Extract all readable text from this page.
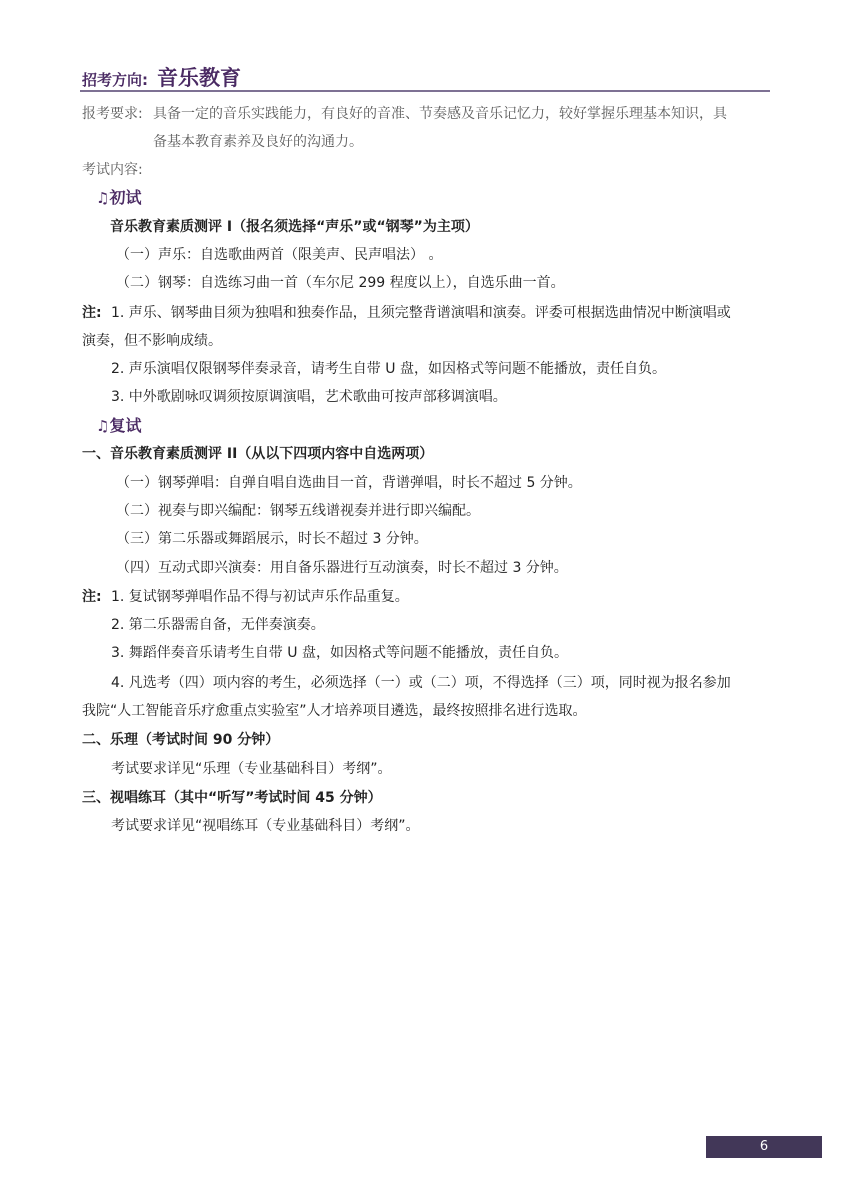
招考方向: 音乐教育
报考要求: 具备一定的音乐实践能力，有良好的音准、节奏感及音乐记忆力，较好掌握乐理基本知识，具
备基本教育素养及良好的沟通力。
考试内容:
♫初试
音乐教育素质测评 I（报名须选择“声乐”或“钢琴”为主项）
（一）声乐：自选歌曲两首（限美声、民声唱法） 。
（二）钢琴：自选练习曲一首（车尔尼 299 程度以上），自选乐曲一首。
注: 1. 声乐、钢琴曲目须为独唱和独奏作品，且须完整背谱演唱和演奏。评委可根据选曲情况中断演唱或
演奏，但不影响成绩。
2. 声乐演唱仅限钢琴伴奏录音，请考生自带 U 盘，如因格式等问题不能播放，责任自负。
3. 中外歌剧咏叹调须按原调演唱，艺术歌曲可按声部移调演唱。
♫复试
一、音乐教育素质测评 II（从以下四项内容中自选两项）
（一）钢琴弹唱：自弹自唱自选曲目一首，背谱弹唱，时长不超过 5 分钟。
（二）视奏与即兴编配：钢琴五线谱视奏并进行即兴编配。
（三）第二乐器或舞蹈展示，时长不超过 3 分钟。
（四）互动式即兴演奏：用自备乐器进行互动演奏，时长不超过 3 分钟。
注: 1. 复试钢琴弹唱作品不得与初试声乐作品重复。
2. 第二乐器需自备，无伴奏演奏。
3. 舞蹈伴奏音乐请考生自带 U 盘，如因格式等问题不能播放，责任自负。
4. 凡选考（四）项内容的考生，必须选择（一）或（二）项，不得选择（三）项，同时视为报名参加
我院“人工智能音乐疗愈重点实验室”人才培养项目遴选，最终按照排名进行选取。
二、乐理（考试时间 90 分钟）
考试要求详见“乐理（专业基础科目）考纲”。
三、视唱练耳（其中“听写”考试时间 45 分钟）
考试要求详见“视唱练耳（专业基础科目）考纲”。
6
